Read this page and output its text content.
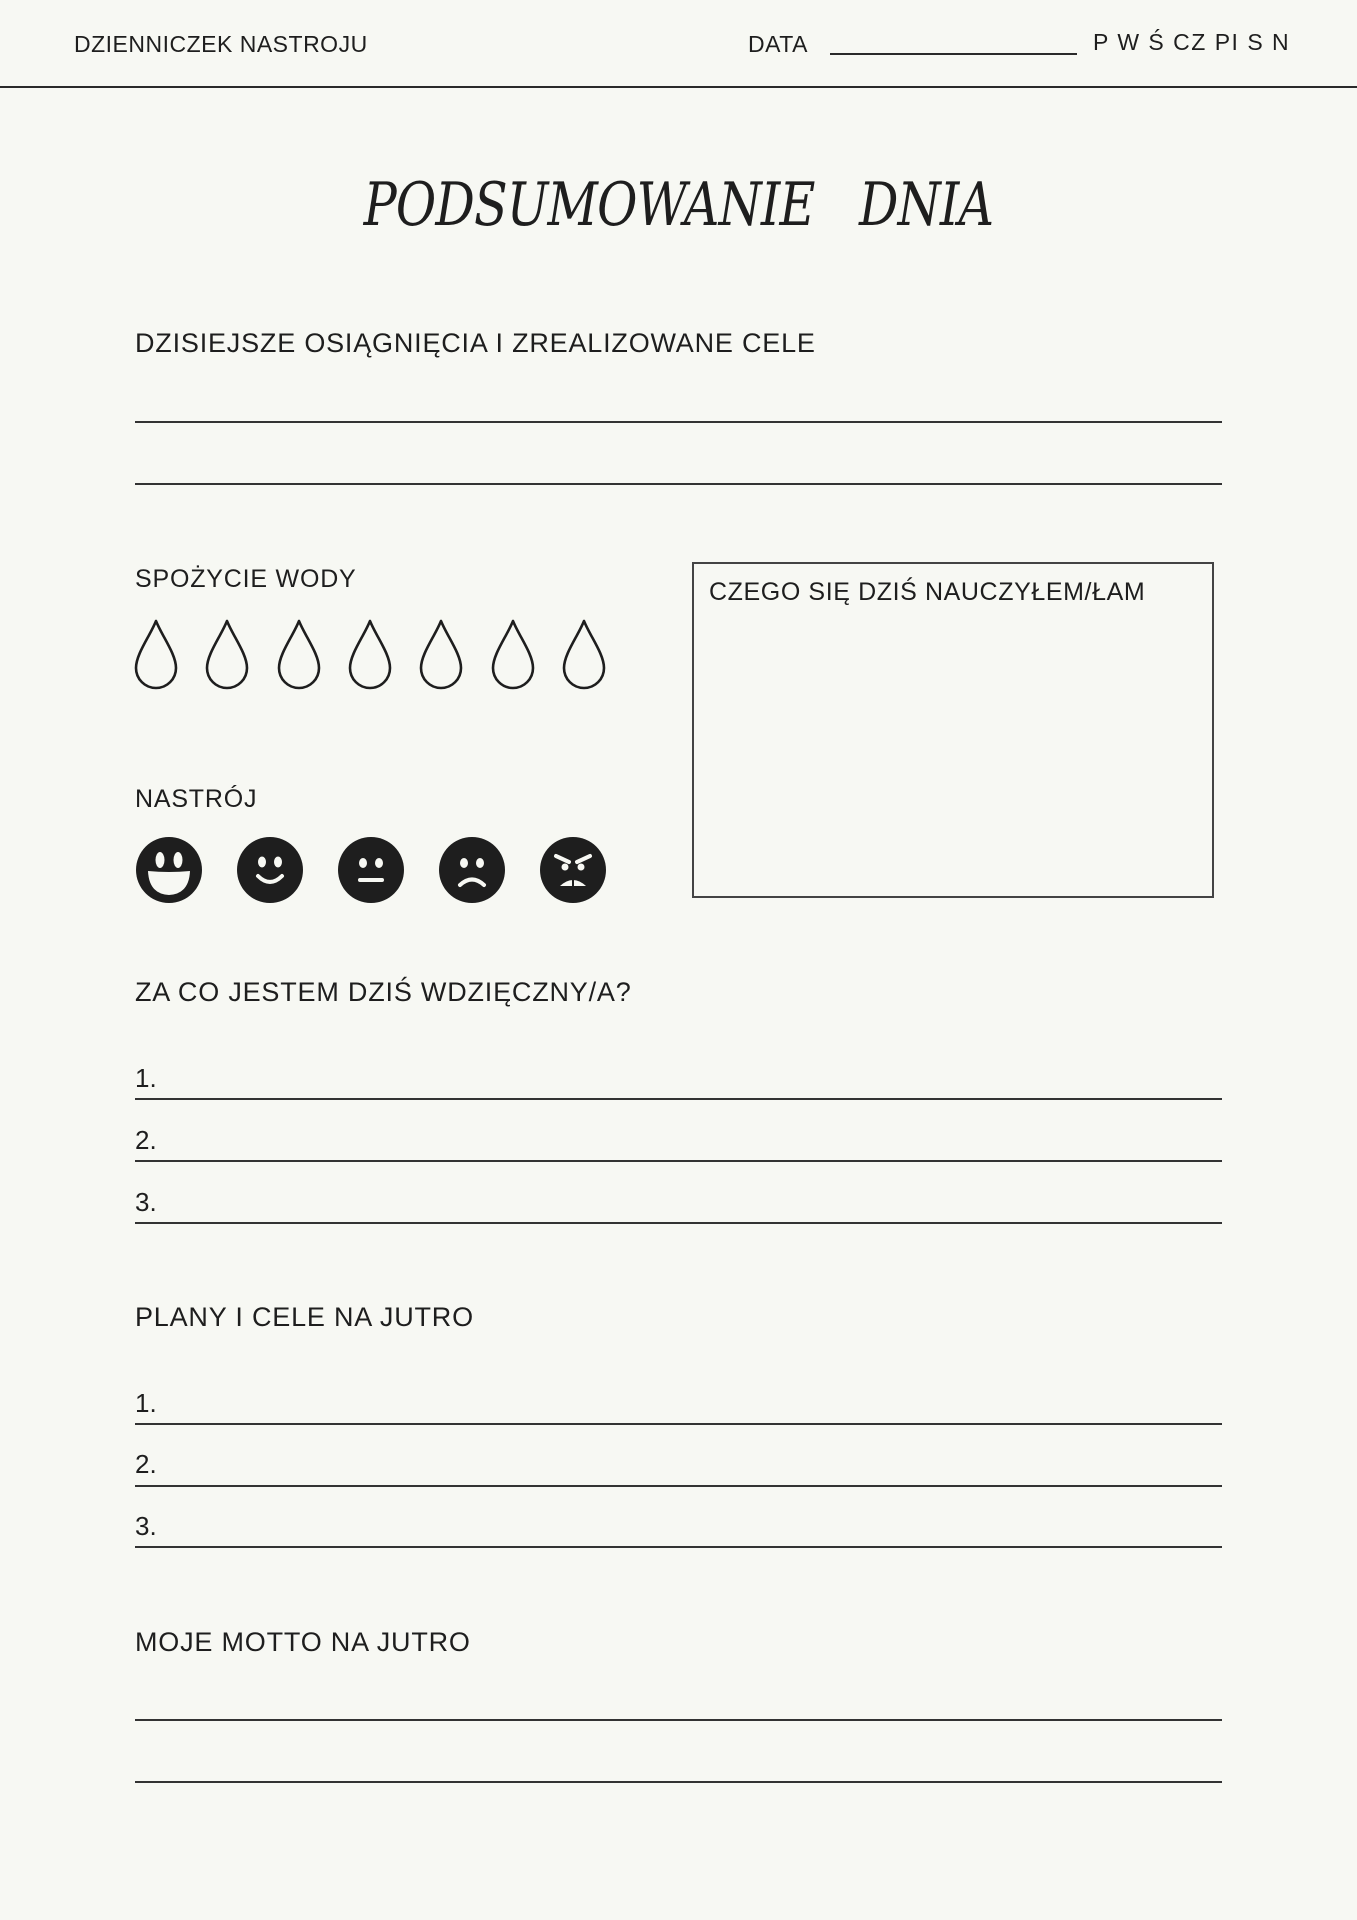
DZIENNICZEK NASTROJU	DATA	P W Ś CZ PI S N
PODSUMOWANIE   DNIA
DZISIEJSZE OSIĄGNIĘCIA I ZREALIZOWANE CELE
SPOŻYCIE WODY
NASTRÓJ
CZEGO SIĘ DZIŚ NAUCZYŁEM/ŁAM
ZA CO JESTEM DZIŚ WDZIĘCZNY/A?
1.
2.
3.
PLANY I CELE NA JUTRO
1.
2.
3.
MOJE MOTTO NA JUTRO
